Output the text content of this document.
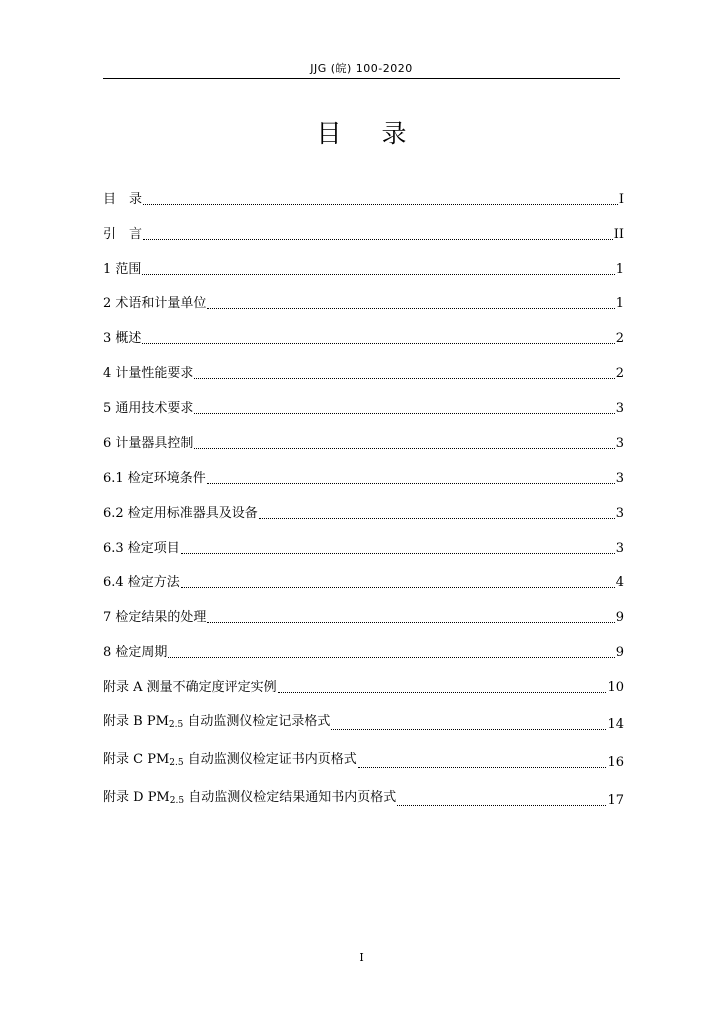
JJG (皖) 100-2020
目 录
目　录	I
引　言	II
1 范围	1
2 术语和计量单位	1
3 概述	2
4 计量性能要求	2
5 通用技术要求	3
6 计量器具控制	3
6.1 检定环境条件	3
6.2 检定用标准器具及设备	3
6.3 检定项目	3
6.4 检定方法	4
7 检定结果的处理	9
8 检定周期	9
附录 A 测量不确定度评定实例	10
附录 B $PM_{2.5}$ 自动监测仪检定记录格式	14
附录 C $PM_{2.5}$ 自动监测仪检定证书内页格式	16
附录 D $PM_{2.5}$ 自动监测仪检定结果通知书内页格式	17
I
